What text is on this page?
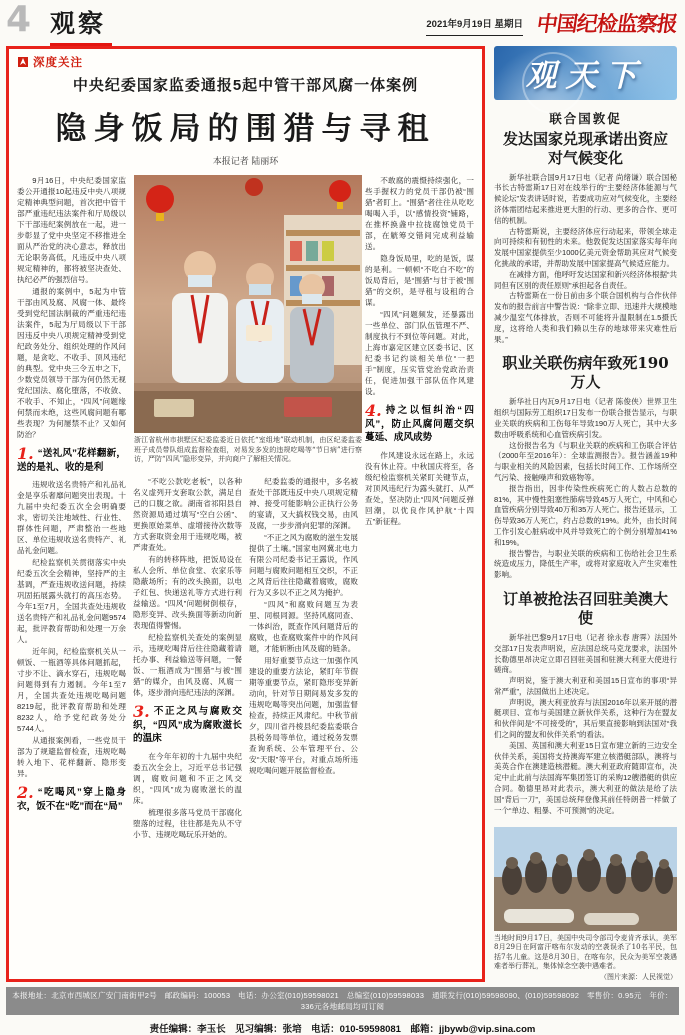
4 观察	2021年9月19日 星期日 中国纪检监察报
深度关注
中央纪委国家监委通报5起中管干部风腐一体案例
隐身饭局的围猎与寻租
本报记者 陆丽环
浙江省杭州市拱墅区纪委监委近日依托“室组地”联动机制，由区纪委监委班子成员带队组成监督检查组，对易发多发的违规吃喝等“节日病”进行察访，严防“四风”隐形变异，并向商户了解相关情况。

9月16日，中央纪委国家监委公开通报10起违反中央八项规定精神典型问题，首次把中管干部严重违纪违法案件和厅局级以下干部违纪案例放在一起，进一步彰显了党中央坚定不移推进全面从严治党的决心意志，释放出无论职务高低，凡违反中央八项规定精神的，都将被坚决查处、执纪必严的强烈信号。

通报的案例中，5起为中管干部由风及腐、风腐一体、最终受到党纪国法制裁的严重违纪违法案件，5起为厅局级以下干部因违反中央八项规定精神受到党纪政务处分、组织处理的作风问题，是贪吃、不收手、顶风违纪的典型。党中央三令五申之下，少数党员领导干部为何仍然无视党纪国法、腐化堕落，不收敛、不收手、不知止，“四风”问题缘何禁而未绝，这些风腐问题有哪些表现？为何屡禁不止？又如何防治？

1. “送礼风”花样翻新，送的是礼、收的是利

违规收送名贵特产和礼品礼金是享乐奢靡问题突出表现。十九届中央纪委五次全会明确要求，密切关注地域性、行业性、群体性问题，严肃整治一些地区、单位违规收送名贵特产、礼品礼金问题。

纪检监察机关贯彻落实中央纪委五次全会精神，坚持严的主基调，严查违规收送问题，持续巩固拓展露头就打的高压态势。今年1至7月，全国共查处违规收送名贵特产和礼品礼金问题9574起，批评教育帮助和处理一万余人。

近年间，纪检监察机关从一顿饭、一瓶酒等具体问题抓起，寸步不让、滴水穿石，违规吃喝问题得到有力遏制。今年1至7月，全国共查处违规吃喝问题8219起，批评教育帮助和处理8232人，给予党纪政务处分5744人。

从通报案例看，一些党员干部为了规避监督检查，违规吃喝转入地下、花样翻新、隐形变异。

2. “吃喝风”穿上隐身衣，饭不在“吃”而在“局”

“不吃公款吃老板”，以各种名义虚列开支套取公款，满足自己的口腹之欲。湖南省祁阳县自然资源局通过填写“空白公函”、更换原始菜单、虚增接待次数等方式套取资金用于违规吃喝，被严肃查处。

有的转移阵地，把饭局设在私人会所、单位食堂、农家乐等隐蔽场所；有的改头换面，以电子红包、快递送礼等方式进行利益输送。“四风”问题树倒根存，隐形变异、改头换面等新动向新表现值得警惕。

纪检监察机关查处的案例显示，违规吃喝背后往往隐藏着请托办事、利益输送等问题，一餐饭、一瓶酒成为“围猎”与被“围猎”的媒介，由风及腐、风腐一体，逐步滑向违纪违法的深渊。

3. 不正之风与腐败交织，“四风”成为腐败滋长的温床

在今年年初的十九届中央纪委五次全会上，习近平总书记强调，腐败问题和不正之风交织，“四风”成为腐败滋长的温床。

梳理很多落马党员干部腐化堕落的过程，往往都是先从不守小节、违规吃喝玩乐开始的。

纪委监委的通报中，多名被查处干部既违反中央八项规定精神、接受可能影响公正执行公务的宴请，又大搞权钱交易，由风及腐，一步步滑向犯罪的深渊。

“不正之风为腐败的滋生发展提供了土壤。”国家电网冀北电力有限公司纪委书记王露说，作风问题与腐败问题相互交织，不正之风背后往往隐藏着腐败，腐败行为又多以不正之风为掩护。

“四风”和腐败问题互为表里、同根同源。坚持风腐同查、一体纠治，既查作风问题背后的腐败，也查腐败案件中的作风问题，才能斩断由风及腐的链条。

用好重要节点这一加强作风建设的重要方法论，紧盯年节假期等重要节点，紧盯隐形变异新动向，针对节日期间易发多发的违规吃喝等突出问题，加强监督检查，持续正风肃纪。中秋节前夕，四川省丹棱县纪委监委联合县税务局等单位，通过税务发票查询系统、公车管理平台、公安“天眼”等平台，对重点场所违规吃喝问题开展监督检查。

不敢腐的震慑持续强化，一些手握权力的党员干部仍被“围猎”者盯上。“围猎”者往往从吃吃喝喝入手，以“感情投资”铺路，在推杯换盏中拉拢腐蚀党员干部，在觥筹交错间完成利益输送。

隐身饭局里，吃的是饭，谋的是利。一顿顿“不吃白不吃”的饭局背后，是“围猎”与甘于被“围猎”的交织，是寻租与设租的合谋。

“四风”问题频发，还暴露出一些单位、部门队伍管理不严、制度执行不到位等问题。对此，上海市嘉定区建立区委书记、区纪委书记约谈相关单位“一把手”制度，压实管党治党政治责任，促进加强干部队伍作风建设。

4. 持之以恒纠治“四风”，防止风腐问题交织蔓延、成风成势

作风建设永远在路上，永远没有休止符。中秋国庆将至，各级纪检监察机关紧盯关键节点，对顶风违纪行为露头就打、从严查处，坚决防止“四风”问题反弹回潮，以优良作风护航“十四五”新征程。

观天下
联合国敦促
发达国家兑现承诺出资应对气候变化

新华社联合国9月17日电（记者 尚绪谦）联合国秘书长古特雷斯17日对在线举行的“主要经济体能源与气候论坛”发表讲话时说，若要成功应对气候变化，主要经济体需团结起来推进更大胆的行动、更多的合作、更可信的机制。

古特雷斯说，主要经济体应行动起来，带领全球走向可持续和有韧性的未来。他敦促发达国家落实每年向发展中国家提供至少1000亿美元资金帮助其应对气候变化挑战的承诺，并帮助发展中国家提高气候适应能力。

在减排方面，他呼吁发达国家和新兴经济体根据“共同但有区别的责任原则”承担起各自责任。

古特雷斯在一份日前由多个联合国机构与合作伙伴发布的报告前言中警告说：“除非立即、迅速并大规模地减少温室气体排放，否则不可能将升温限制在1.5摄氏度，这将给人类和我们赖以生存的地球带来灾难性后果。”

职业关联伤病年致死190万人

新华社日内瓦9月17日电（记者 陈俊侠）世界卫生组织与国际劳工组织17日发布一份联合报告显示，与职业关联的疾病和工伤每年导致190万人死亡，其中大多数由呼吸系统和心血管疾病引发。

这份报告名为《与职业关联的疾病和工伤联合评估（2000年至2016年）：全球监测报告》。报告涵盖19种与职业相关的风险因素，包括长时间工作、工作场所空气污染、接触噪声和致癌物等。

报告指出，因非传染性疾病死亡的人数占总数的81%，其中慢性阻塞性肺病导致45万人死亡，中风和心血管疾病分别导致40万和35万人死亡。报告还显示，工伤导致36万人死亡，约占总数的19%。此外，由长时间工作引发心脏病或中风并导致死亡的个例分别增加41%和19%。

报告警告，与职业关联的疾病和工伤给社会卫生系统造成压力，降低生产率，或将对家庭收入产生灾难性影响。

订单被抢法召回驻美澳大使

新华社巴黎9月17日电（记者 徐永春 唐霁）法国外交部17日发表声明说，应法国总统马克龙要求，法国外长勒德里昂决定立即召回驻美国和驻澳大利亚大使进行磋商。

声明说，鉴于澳大利亚和美国15日宣布的事项“异常严重”，法国做出上述决定。

声明说，澳大利亚放弃与法国2016年以来开展的潜艇项目、宣布与美国建立新伙伴关系，这种行为在盟友和伙伴间是“不可接受的”，其后果直接影响到法国对“我们之间的盟友和伙伴关系”的看法。

美国、英国和澳大利亚15日宣布建立新的三边安全伙伴关系，美国将支持澳海军建立核潜艇部队，澳将与美英合作在澳建造核潜艇。澳大利亚政府随即宣布，决定中止此前与法国海军集团签订的采购12艘潜艇的供应合同。勒德里昂对此表示，澳大利亚的做法是给了法国“背后一刀”，美国总统拜登像其前任特朗普一样做了一个“单边、粗暴、不可预测”的决定。

当地时间9月17日，美国中央司令部司令麦肯齐承认，美军8月29日在阿富汗喀布尔发动的空袭误杀了10名平民，包括7名儿童。这是8月30日，在喀布尔，民众为美军空袭遇难者举行葬礼，集体悼念空袭中遇难者。
（图片来源：人民视觉）
本报地址：北京市西城区广安门南街甲2号　邮政编码：100053　电话：办公室(010)59598021　总编室(010)59598033　通联发行(010)59598090、(010)59598092　零售价：0.95元　年价：336元各地邮局均可订阅
责任编辑：李玉长　见习编辑：张培　电话：010-59598081　邮箱：jjbywb@vip.sina.com
